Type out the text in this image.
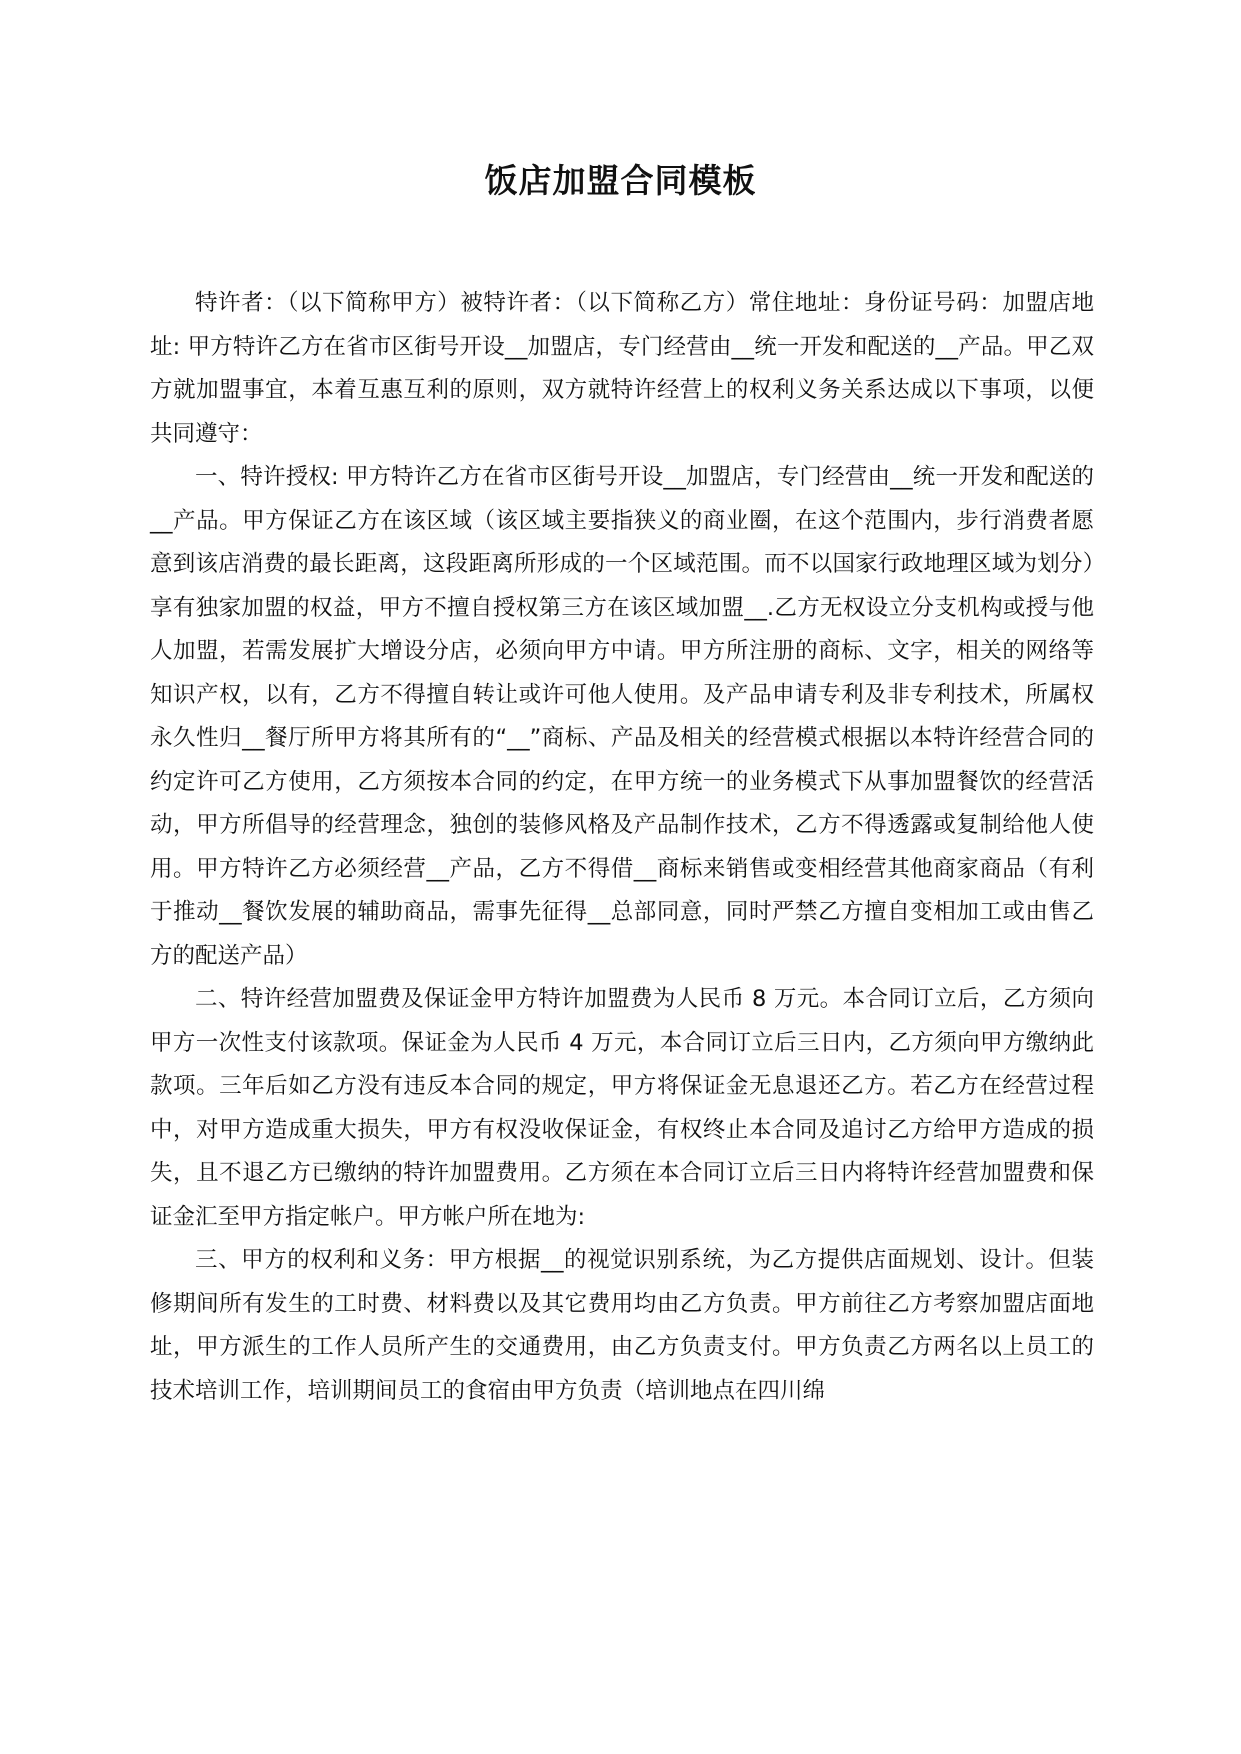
饭店加盟合同模板

特许者：（以下简称甲方）被特许者：（以下简称乙方）常住地址：身份证号码：加盟店地址: 甲方特许乙方在省市区街号开设__加盟店，专门经营由__统一开发和配送的__产品。甲乙双方就加盟事宜，本着互惠互利的原则，双方就特许经营上的权利义务关系达成以下事项，以便共同遵守：

一、特许授权: 甲方特许乙方在省市区街号开设__加盟店，专门经营由__统一开发和配送的__产品。甲方保证乙方在该区域（该区域主要指狭义的商业圈，在这个范围内，步行消费者愿意到该店消费的最长距离，这段距离所形成的一个区域范围。而不以国家行政地理区域为划分）享有独家加盟的权益，甲方不擅自授权第三方在该区域加盟__.乙方无权设立分支机构或授与他人加盟，若需发展扩大增设分店，必须向甲方中请。甲方所注册的商标、文字，相关的网络等知识产权，以有，乙方不得擅自转让或许可他人使用。及产品申请专利及非专利技术，所属权永久性归__餐厅所甲方将其所有的“__”商标、产品及相关的经营模式根据以本特许经营合同的约定许可乙方使用，乙方须按本合同的约定，在甲方统一的业务模式下从事加盟餐饮的经营活动，甲方所倡导的经营理念，独创的装修风格及产品制作技术，乙方不得透露或复制给他人使用。甲方特许乙方必须经营__产品，乙方不得借__商标来销售或变相经营其他商家商品（有利于推动__餐饮发展的辅助商品，需事先征得__总部同意，同时严禁乙方擅自变相加工或由售乙方的配送产品）

二、特许经营加盟费及保证金甲方特许加盟费为人民币 8 万元。本合同订立后，乙方须向甲方一次性支付该款项。保证金为人民币 4 万元，本合同订立后三日内，乙方须向甲方缴纳此款项。三年后如乙方没有违反本合同的规定，甲方将保证金无息退还乙方。若乙方在经营过程中，对甲方造成重大损失，甲方有权没收保证金，有权终止本合同及追讨乙方给甲方造成的损失，且不退乙方已缴纳的特许加盟费用。乙方须在本合同订立后三日内将特许经营加盟费和保证金汇至甲方指定帐户。甲方帐户所在地为:

三、甲方的权利和义务：甲方根据__的视觉识别系统，为乙方提供店面规划、设计。但装修期间所有发生的工时费、材料费以及其它费用均由乙方负责。甲方前往乙方考察加盟店面地址，甲方派生的工作人员所产生的交通费用，由乙方负责支付。甲方负责乙方两名以上员工的技术培训工作，培训期间员工的食宿由甲方负责（培训地点在四川绵
